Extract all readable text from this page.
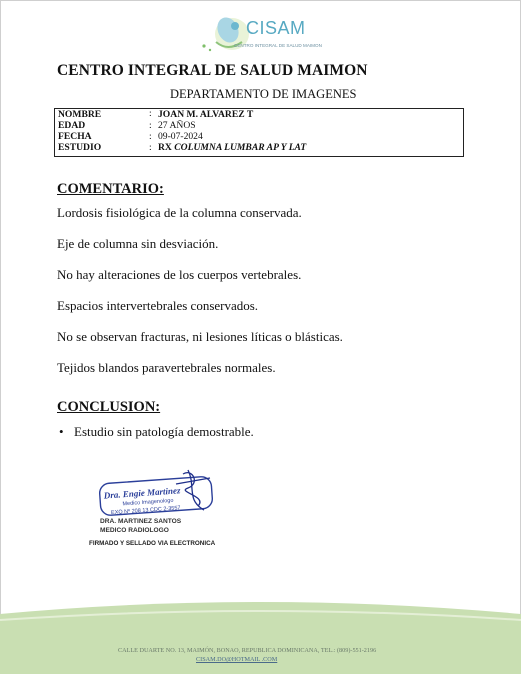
CISAM
CENTRO INTEGRAL DE SALUD MAIMON
CENTRO INTEGRAL DE SALUD MAIMON
DEPARTAMENTO DE IMAGENES
NOMBRE	: JOAN M. ALVAREZ T
EDAD	: 27 AÑOS
FECHA	: 09-07-2024
ESTUDIO	: RX COLUMNA LUMBAR AP Y LAT
COMENTARIO:
Lordosis fisiológica de la columna conservada.
Eje de columna sin desviación.
No hay alteraciones de los cuerpos vertebrales.
Espacios intervertebrales conservados.
No se observan fracturas, ni lesiones líticas o blásticas.
Tejidos blandos paravertebrales normales.
CONCLUSION:
• Estudio sin patología demostrable.
Dra. Engie Martinez
Medico Imagenologo
EXQ Nº 208 13 CDC 2-3557
DRA. MARTINEZ SANTOS
MEDICO RADIOLOGO
FIRMADO Y SELLADO VIA ELECTRONICA
CALLE DUARTE NO. 13, MAIMÓN, BONAO, REPUBLICA DOMINICANA, TEL.: (809)-551-2196
CISAM.DO@HOTMAIL .COM
